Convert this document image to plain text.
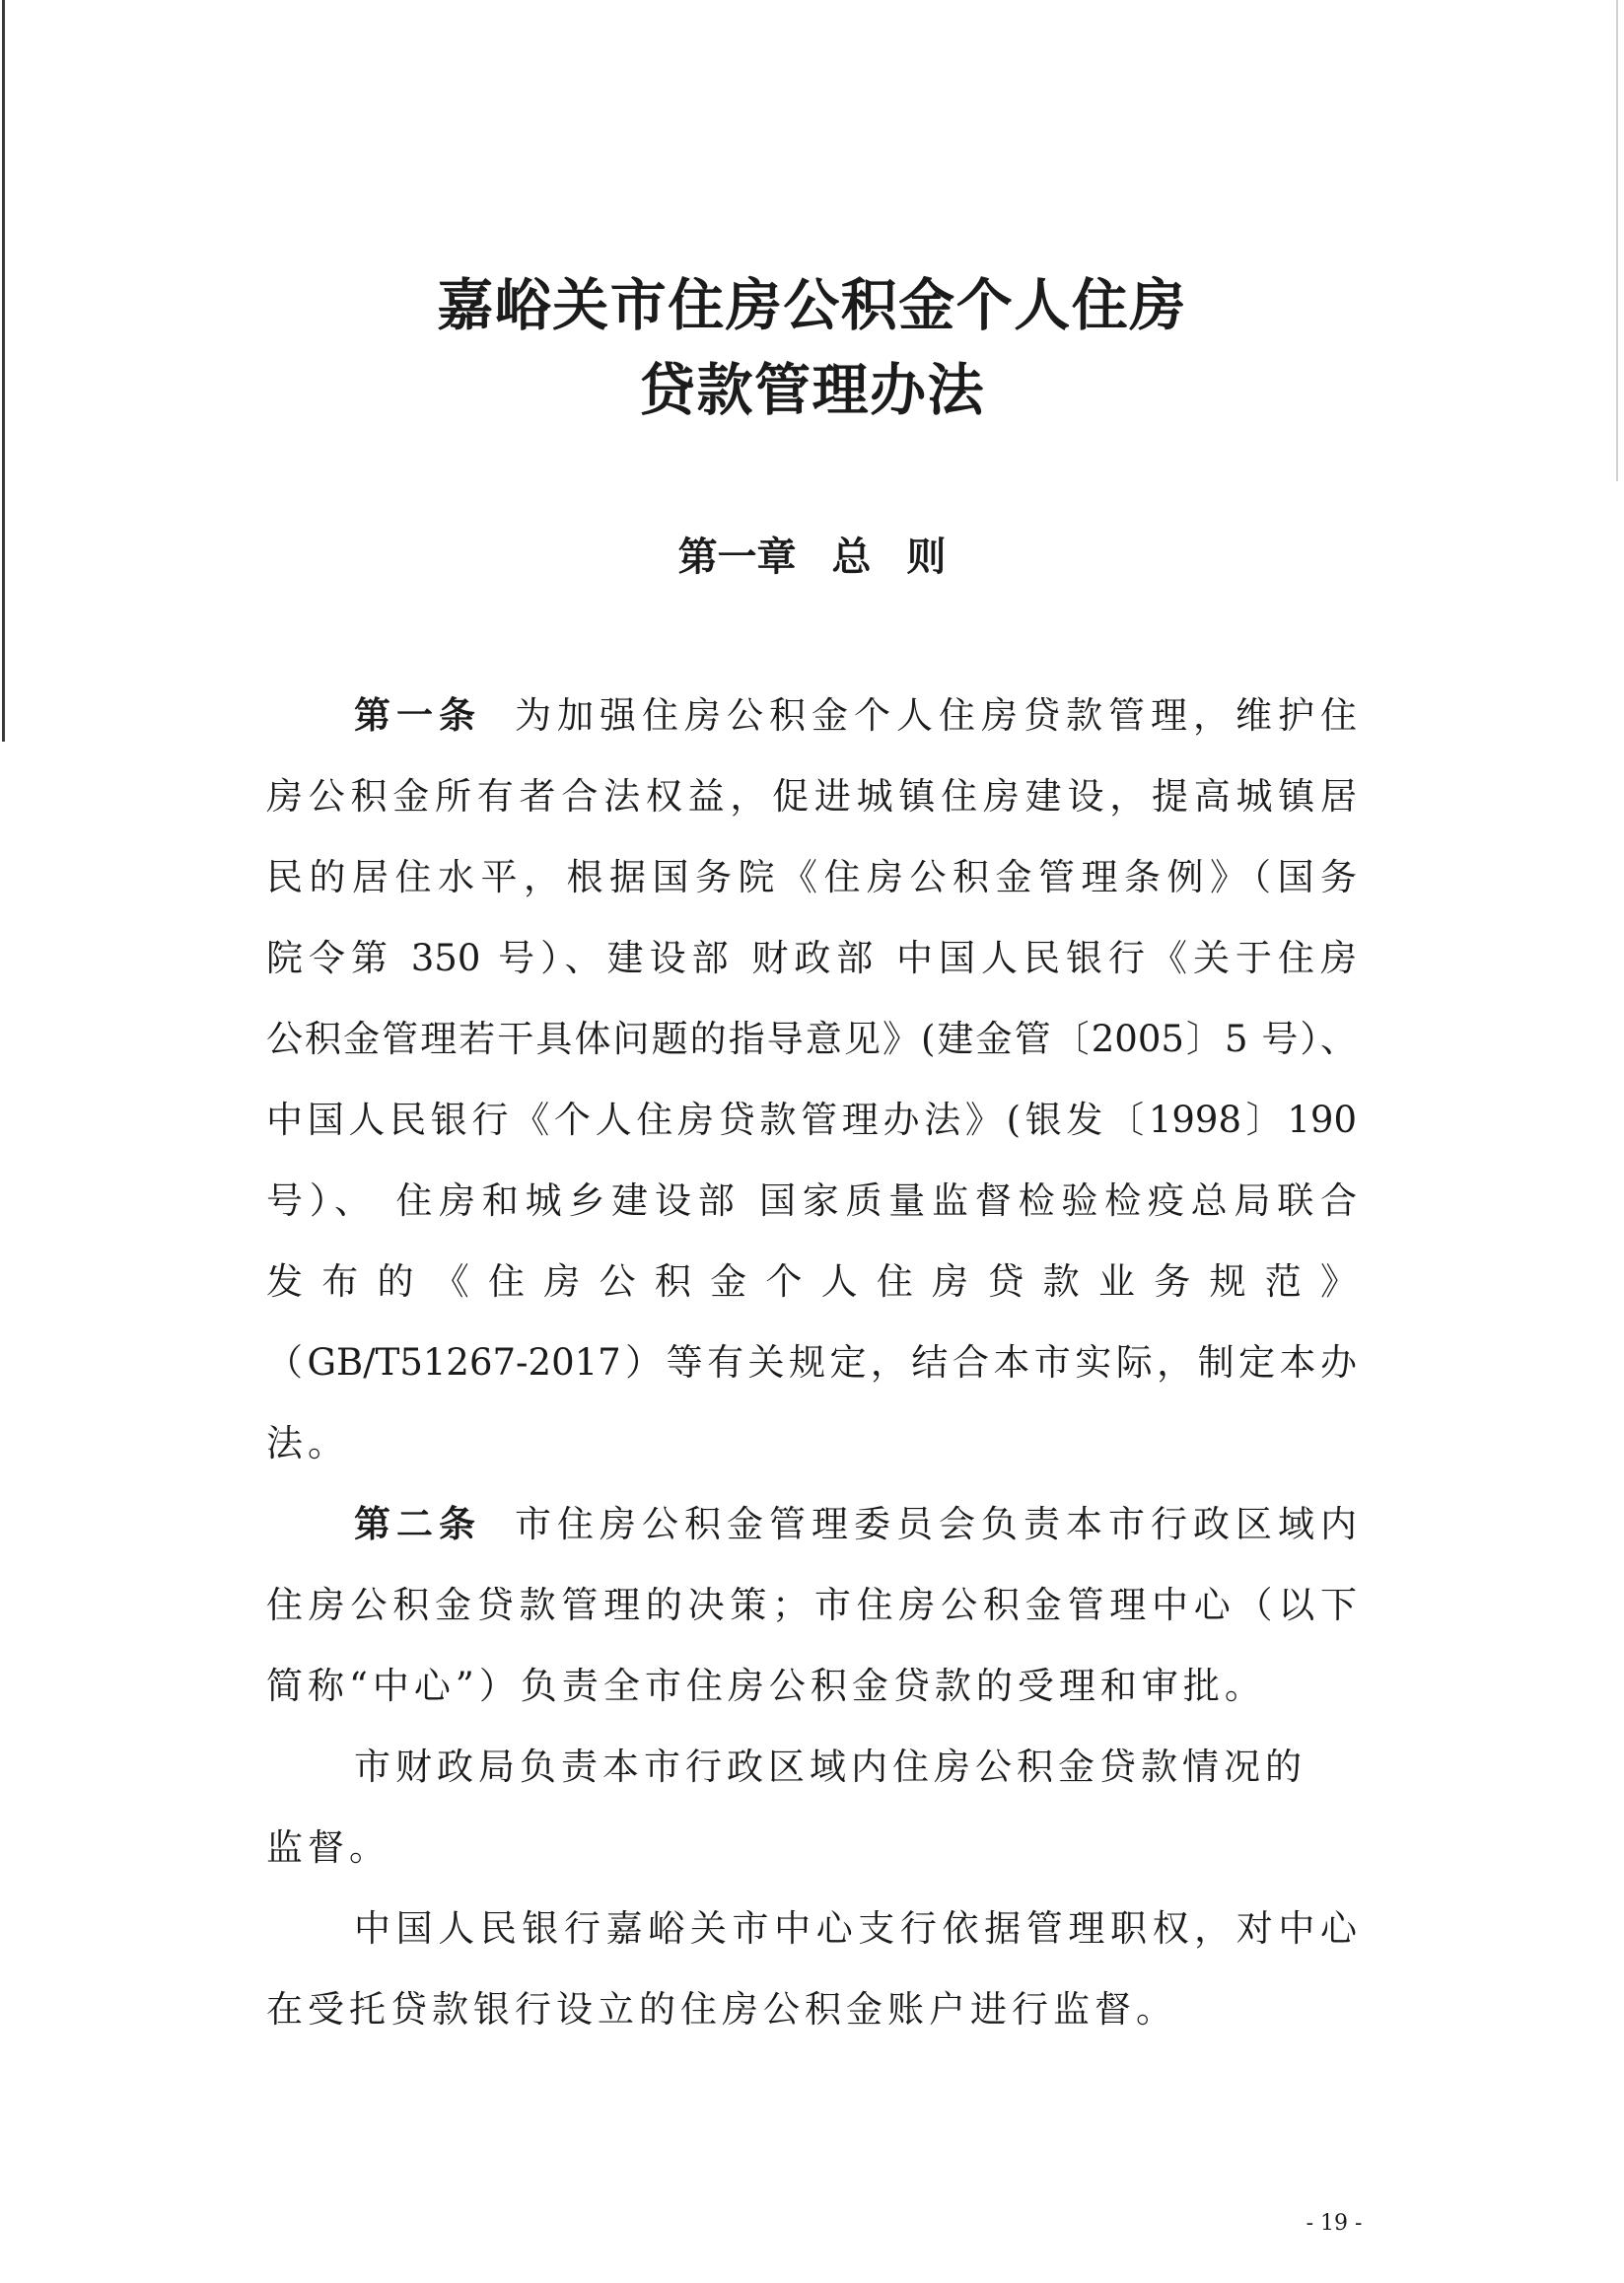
嘉峪关市住房公积金个人住房
贷款管理办法
第一章 总 则
第一条 为加强住房公积金个人住房贷款管理，维护住
房公积金所有者合法权益，促进城镇住房建设，提高城镇居
民的居住水平，根据国务院《住房公积金管理条例》（国务
院令第 350 号）、建设部 财政部 中国人民银行《关于住房
公积金管理若干具体问题的指导意见》(建金管〔2005〕5 号）、
中国人民银行《个人住房贷款管理办法》(银发〔1998〕190
号）、 住房和城乡建设部 国家质量监督检验检疫总局联合
发布的《住房公积金个人住房贷款业务规范》
（GB/T51267-2017）等有关规定，结合本市实际，制定本办
法。
第二条 市住房公积金管理委员会负责本市行政区域内
住房公积金贷款管理的决策；市住房公积金管理中心（以下
简称“中心”）负责全市住房公积金贷款的受理和审批。
市财政局负责本市行政区域内住房公积金贷款情况的
监督。
中国人民银行嘉峪关市中心支行依据管理职权，对中心
在受托贷款银行设立的住房公积金账户进行监督。
- 19 -
